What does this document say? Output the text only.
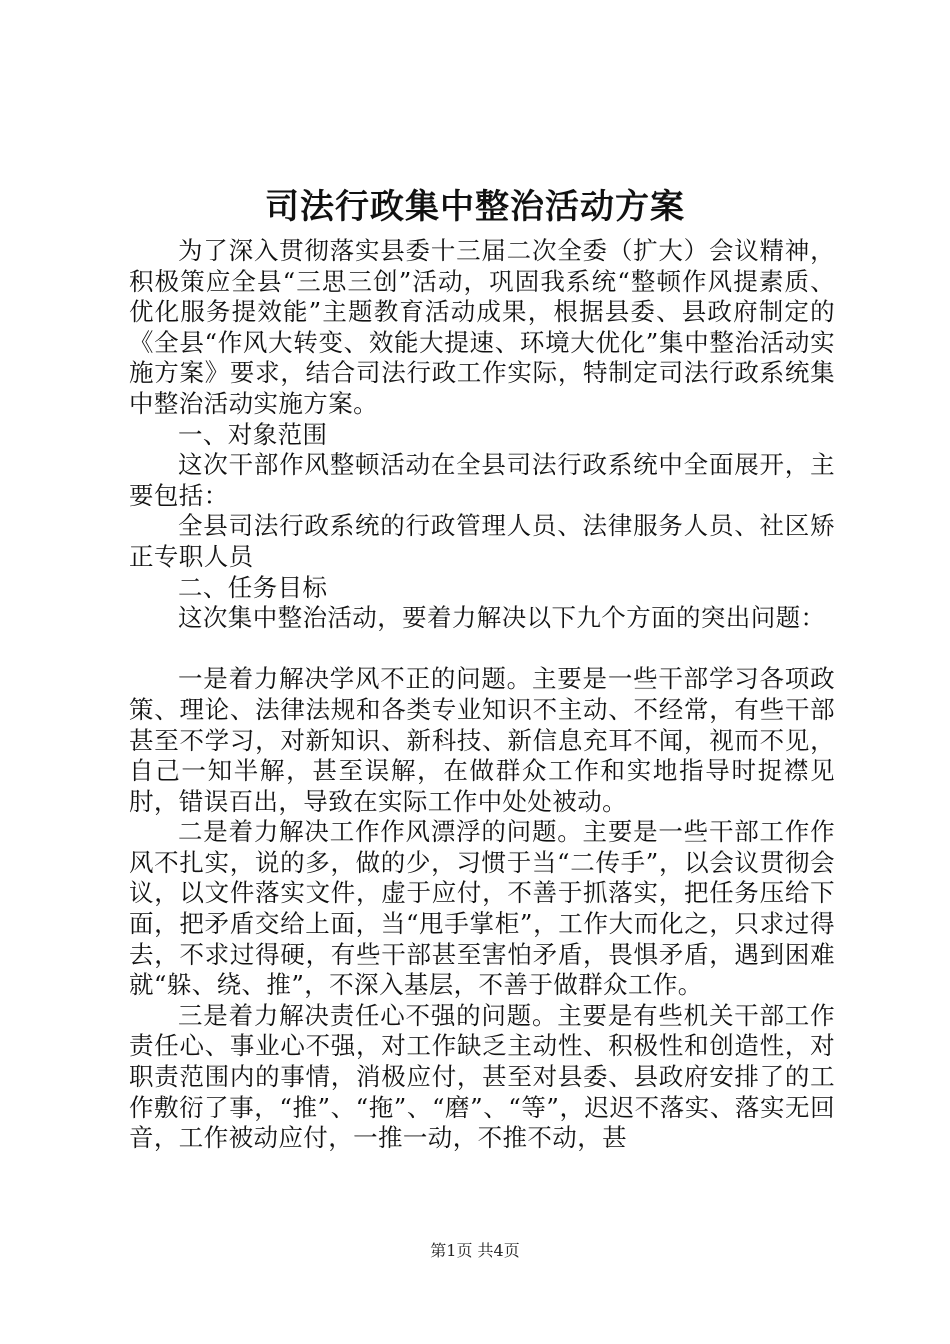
司法行政集中整治活动方案

为了深入贯彻落实县委十三届二次全委（扩大）会议精神，积极策应全县“三思三创”活动，巩固我系统“整顿作风提素质、优化服务提效能”主题教育活动成果，根据县委、县政府制定的《全县“作风大转变、效能大提速、环境大优化”集中整治活动实施方案》要求，结合司法行政工作实际，特制定司法行政系统集中整治活动实施方案。

一、对象范围

这次干部作风整顿活动在全县司法行政系统中全面展开，主要包括：

全县司法行政系统的行政管理人员、法律服务人员、社区矫正专职人员

二、任务目标

这次集中整治活动，要着力解决以下九个方面的突出问题：

一是着力解决学风不正的问题。主要是一些干部学习各项政策、理论、法律法规和各类专业知识不主动、不经常，有些干部甚至不学习，对新知识、新科技、新信息充耳不闻，视而不见，自己一知半解，甚至误解，在做群众工作和实地指导时捉襟见肘，错误百出，导致在实际工作中处处被动。

二是着力解决工作作风漂浮的问题。主要是一些干部工作作风不扎实，说的多，做的少，习惯于当“二传手”，以会议贯彻会议，以文件落实文件，虚于应付，不善于抓落实，把任务压给下面，把矛盾交给上面，当“甩手掌柜”，工作大而化之，只求过得去，不求过得硬，有些干部甚至害怕矛盾，畏惧矛盾，遇到困难就“躲、绕、推”，不深入基层，不善于做群众工作。

三是着力解决责任心不强的问题。主要是有些机关干部工作责任心、事业心不强，对工作缺乏主动性、积极性和创造性，对职责范围内的事情，消极应付，甚至对县委、县政府安排了的工作敷衍了事，“推”、“拖”、“磨”、“等”，迟迟不落实、落实无回音，工作被动应付，一推一动，不推不动，甚

第1页 共4页
